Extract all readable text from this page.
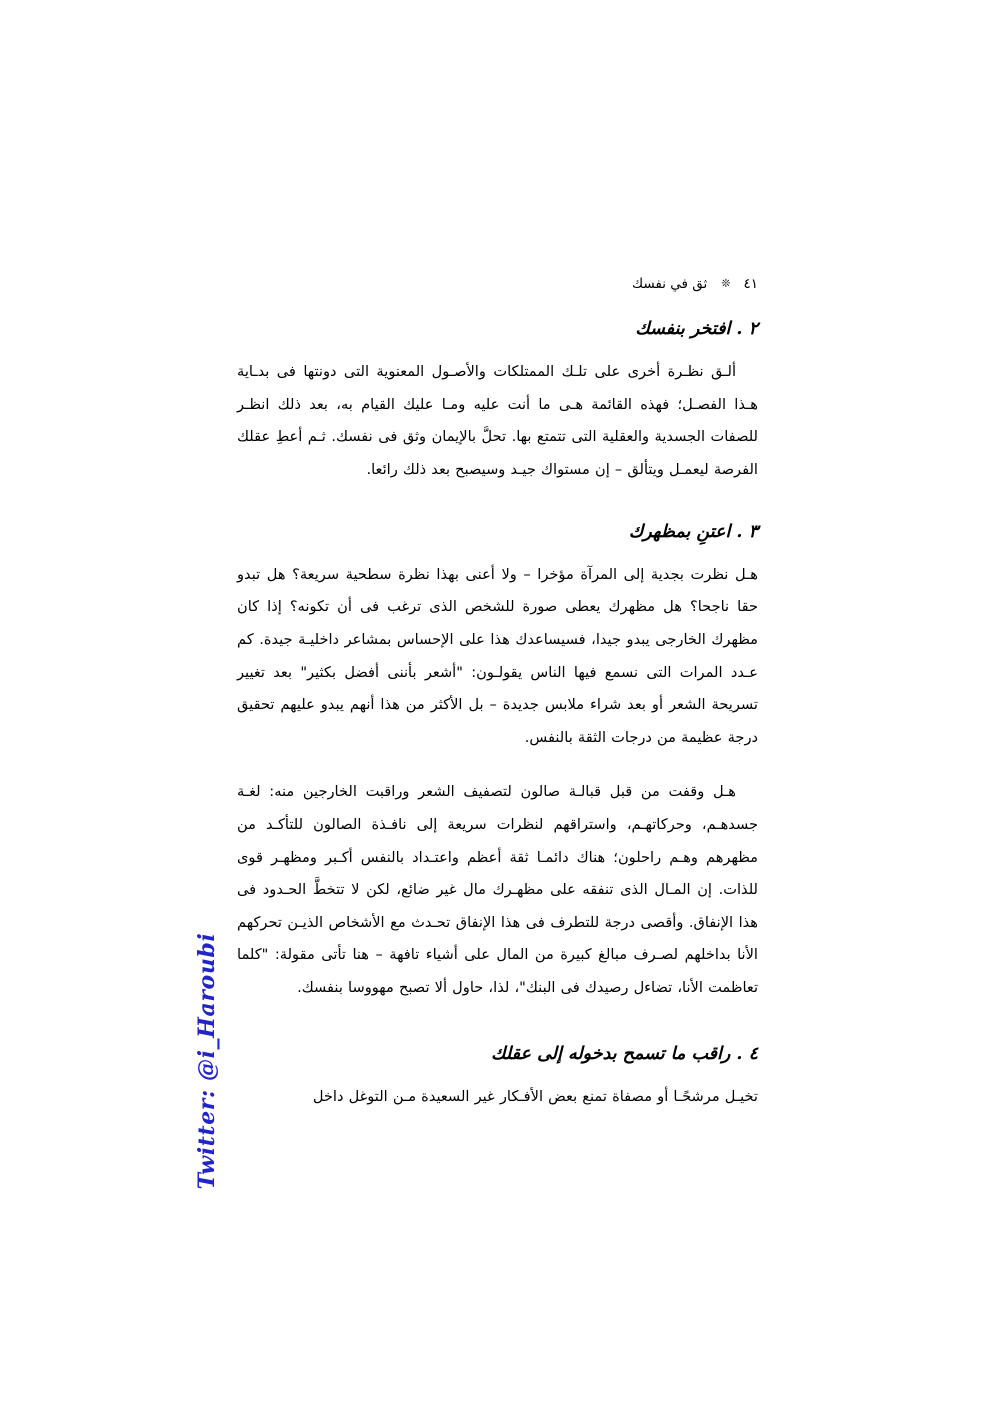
٤١
❊
ثق في نفسك
٢ . افتخر بنفسك

ألـق نظـرة أخرى على تلـك الممتلكات والأصـول المعنوية التى دونتها فى بدـاية هـذا الفصـل؛ فهذه القائمة هـى ما أنت عليه ومـا عليك القيام به، بعد ذلك انظـر للصفات الجسدية والعقلية التى تتمتع بها. تحلَّ بالإيمان وثق فى نفسك. ثـم أعطِ عقلك الفرصة ليعمـل ويتألق – إن مستواك جيـد وسيصبح بعد ذلك رائعا.

٣ . اعتنِ بمظهرك

هـل نظرت بجدية إلى المرآة مؤخرا – ولا أعنى بهذا نظرة سطحية سريعة؟ هل تبدو حقا ناجحا؟ هل مظهرك يعطى صورة للشخص الذى ترغب فى أن تكونه؟ إذا كان مظهرك الخارجى يبدو جيدا، فسيساعدك هذا على الإحساس بمشاعر داخليـة جيدة. كم عـدد المرات التى نسمع فيها الناس يقولـون: "أشعر بأننى أفضل بكثير" بعد تغيير تسريحة الشعر أو بعد شراء ملابس جديدة – بل الأكثر من هذا أنهم يبدو عليهم تحقيق درجة عظيمة من درجات الثقة بالنفس.

هـل وقفت من قبل قبالـة صالون لتصفيف الشعر وراقبت الخارجين منه: لغـة جسدهـم، وحركاتهـم، واستراقهم لنظرات سريعة إلى نافـذة الصالون للتأكـد من مظهرهم وهـم راحلون؛ هناك دائمـا ثقة أعظم واعتـداد بالنفس أكـبر ومظهـر قوى للذات. إن المـال الذى تنفقه على مظهـرك مال غير ضائع، لكن لا تتخطَّ الحـدود فى هذا الإنفاق. وأقصى درجة للتطرف فى هذا الإنفاق تحـدث مع الأشخاص الذيـن تحركهم الأنا بداخلهم لصـرف مبالغ كبيرة من المال على أشياء تافهة – هنا تأتى مقولة: "كلما تعاظمت الأنا، تضاءل رصيدك فى البنك"، لذا، حاول ألا تصبح مهووسا بنفسك.

٤ . راقب ما تسمح بدخوله إلى عقلك

تخيـل مرشحًـا أو مصفاة تمنع بعض الأفـكار غير السعيدة مـن التوغل داخل

Twitter: @i_Haroubi
